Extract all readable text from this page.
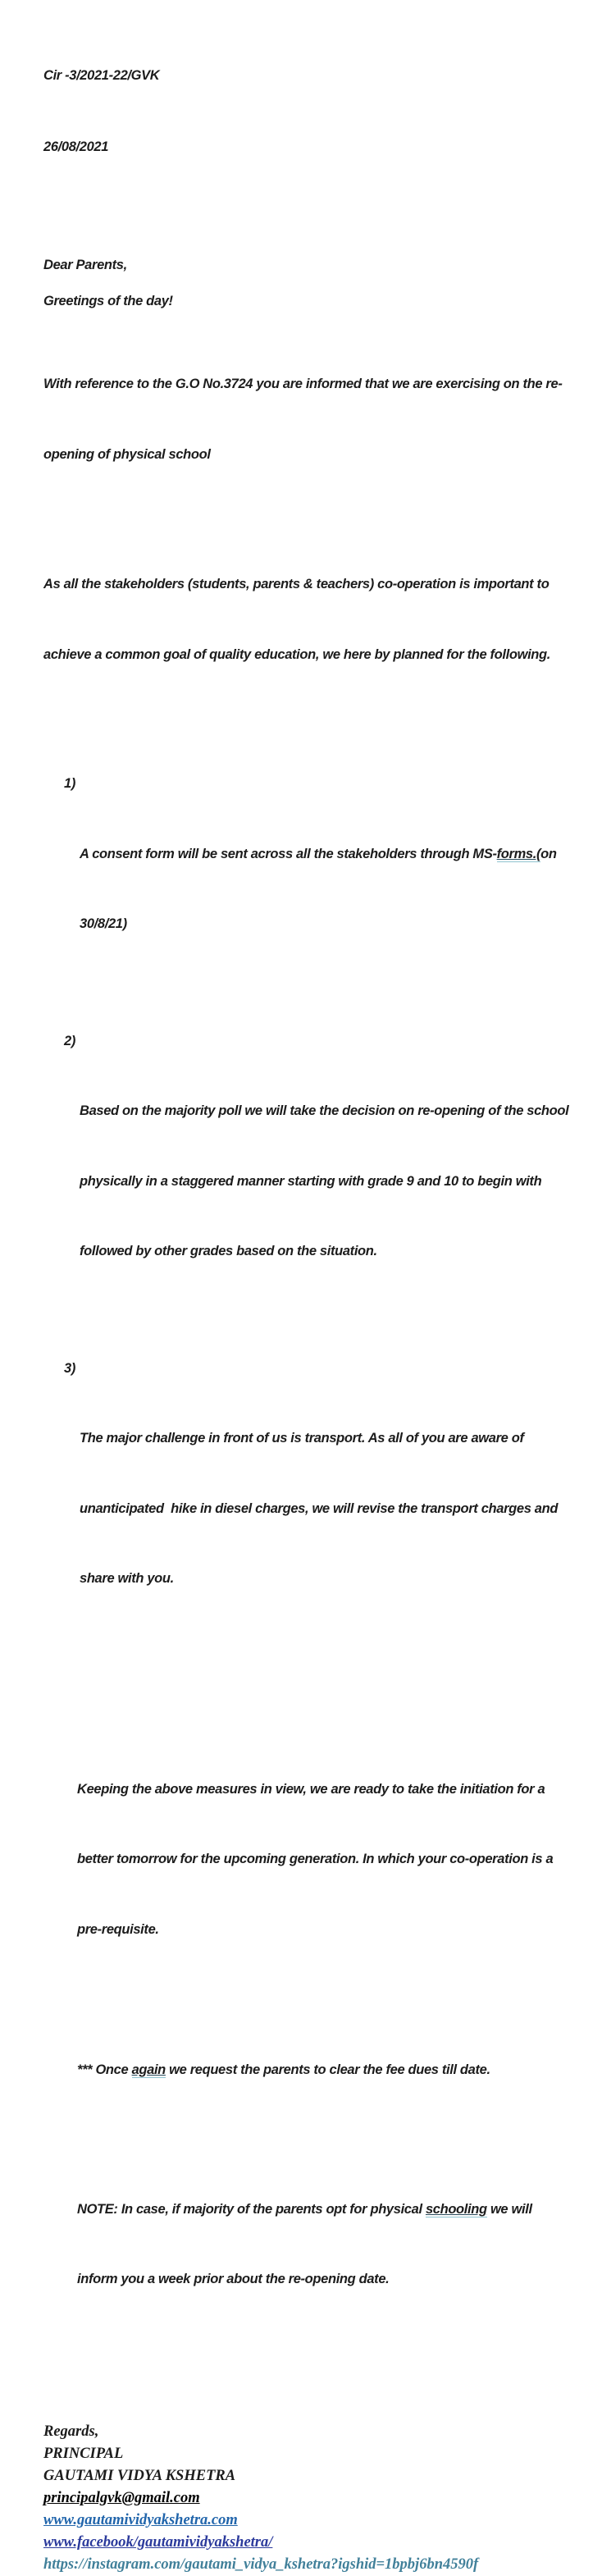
Cir -3/2021-22/GVK

26/08/2021

Dear Parents,
Greetings of the day!

With reference to the G.O No.3724 you are informed that we are exercising on the re-

opening of physical school

As all the stakeholders (students, parents & teachers) co-operation is important to

achieve a common goal of quality education, we here by planned for the following.

1)

A consent form will be sent across all the stakeholders through MS-forms.(on

30/8/21)

2)

Based on the majority poll we will take the decision on re-opening of the school

physically in a staggered manner starting with grade 9 and 10 to begin with

followed by other grades based on the situation.

3)

The major challenge in front of us is transport. As all of you are aware of

unanticipated  hike in diesel charges, we will revise the transport charges and

share with you.

Keeping the above measures in view, we are ready to take the initiation for a

better tomorrow for the upcoming generation. In which your co-operation is a

pre-requisite.

*** Once again we request the parents to clear the fee dues till date.

NOTE: In case, if majority of the parents opt for physical schooling we will

inform you a week prior about the re-opening date.

Regards,
PRINCIPAL
GAUTAMI VIDYA KSHETRA
principalgvk@gmail.com
www.gautamividyakshetra.com
www.facebook/gautamividyakshetra/
https://instagram.com/gautami_vidya_kshetra?igshid=1bpbj6bn4590f
